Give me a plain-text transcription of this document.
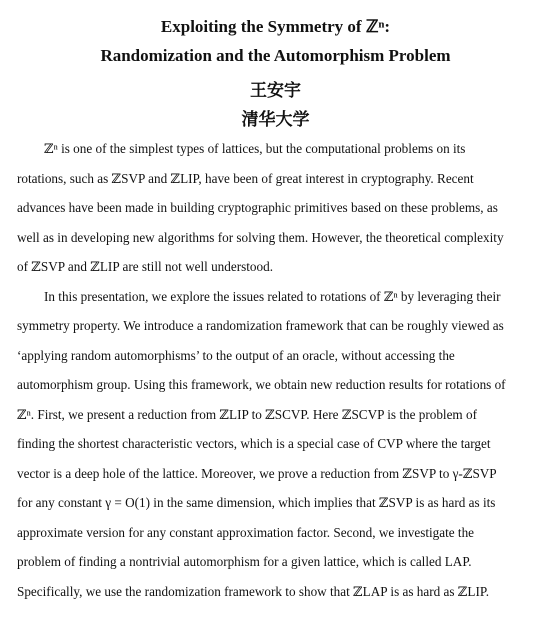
Exploiting the Symmetry of ℤⁿ:
Randomization and the Automorphism Problem
王安宇
清华大学
ℤⁿ is one of the simplest types of lattices, but the computational problems on its
rotations, such as ℤSVP and ℤLIP, have been of great interest in cryptography. Recent
advances have been made in building cryptographic primitives based on these problems, as
well as in developing new algorithms for solving them. However, the theoretical complexity
of ℤSVP and ℤLIP are still not well understood.
In this presentation, we explore the issues related to rotations of ℤⁿ by leveraging their
symmetry property. We introduce a randomization framework that can be roughly viewed as
‘applying random automorphisms’ to the output of an oracle, without accessing the
automorphism group. Using this framework, we obtain new reduction results for rotations of
ℤⁿ. First, we present a reduction from ℤLIP to ℤSCVP. Here ℤSCVP is the problem of
finding the shortest characteristic vectors, which is a special case of CVP where the target
vector is a deep hole of the lattice. Moreover, we prove a reduction from ℤSVP to γ-ℤSVP
for any constant γ = O(1) in the same dimension, which implies that ℤSVP is as hard as its
approximate version for any constant approximation factor. Second, we investigate the
problem of finding a nontrivial automorphism for a given lattice, which is called LAP.
Specifically, we use the randomization framework to show that ℤLAP is as hard as ℤLIP.
